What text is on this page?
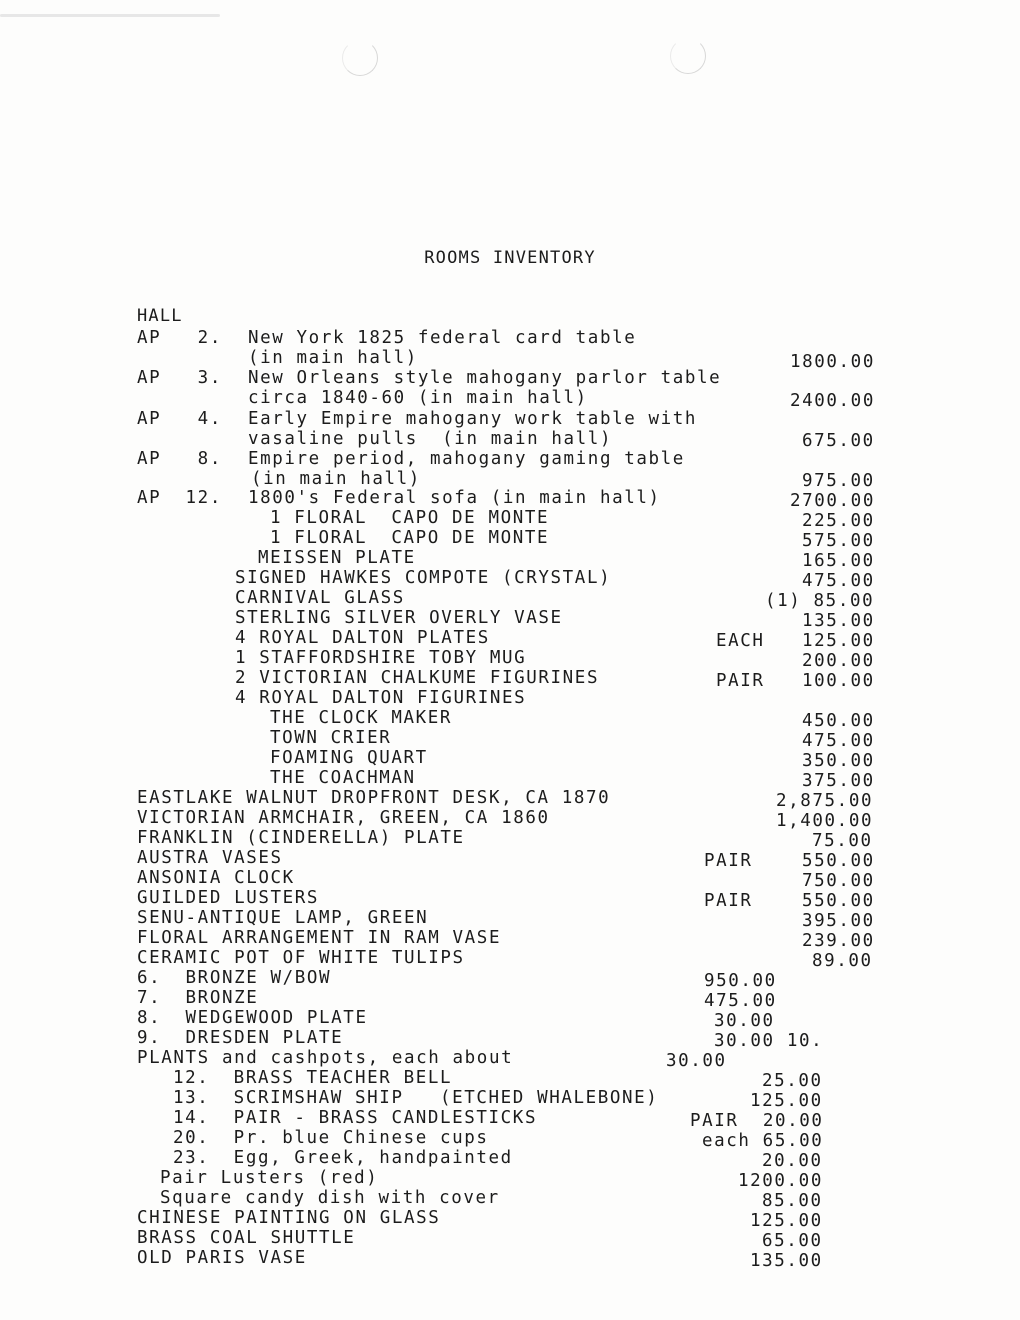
ROOMS INVENTORY
HALL
AP   2. New York 1825 federal card table
(in main hall)	1800.00
AP   3. New Orleans style mahogany parlor table
circa 1840-60 (in main hall)	2400.00
AP   4. Early Empire mahogany work table with
vasaline pulls  (in main hall)	675.00
AP   8. Empire period, mahogany gaming table
(in main hall)	975.00
AP  12. 1800's Federal sofa (in main hall)	2700.00
1 FLORAL  CAPO DE MONTE	225.00
1 FLORAL  CAPO DE MONTE	575.00
MEISSEN PLATE	165.00
SIGNED HAWKES COMPOTE (CRYSTAL)	475.00
CARNIVAL GLASS	(1) 85.00
STERLING SILVER OVERLY VASE	135.00
4 ROYAL DALTON PLATES	EACH 125.00
1 STAFFORDSHIRE TOBY MUG	200.00
2 VICTORIAN CHALKUME FIGURINES	PAIR 100.00
4 ROYAL DALTON FIGURINES
THE CLOCK MAKER	450.00
TOWN CRIER	475.00
FOAMING QUART	350.00
THE COACHMAN	375.00
EASTLAKE WALNUT DROPFRONT DESK, CA 1870	2,875.00
VICTORIAN ARMCHAIR, GREEN, CA 1860	1,400.00
FRANKLIN (CINDERELLA) PLATE	75.00
AUSTRA VASES	PAIR	550.00
ANSONIA CLOCK	750.00
GUILDED LUSTERS	PAIR	550.00
SENU-ANTIQUE LAMP, GREEN	395.00
FLORAL ARRANGEMENT IN RAM VASE	239.00
CERAMIC POT OF WHITE TULIPS	89.00
6.  BRONZE W/BOW	950.00
7.  BRONZE	475.00
8.  WEDGEWOOD PLATE	30.00
9.  DRESDEN PLATE	30.00 10.
PLANTS and cashpots, each about	30.00
12.  BRASS TEACHER BELL	25.00
13.  SCRIMSHAW SHIP   (ETCHED WHALEBONE)	125.00
14.  PAIR - BRASS CANDLESTICKS	PAIR  20.00
20.  Pr. blue Chinese cups	each 65.00
23.  Egg, Greek, handpainted	20.00
Pair Lusters (red)	1200.00
Square candy dish with cover	85.00
CHINESE PAINTING ON GLASS	125.00
BRASS COAL SHUTTLE	65.00
OLD PARIS VASE	135.00
